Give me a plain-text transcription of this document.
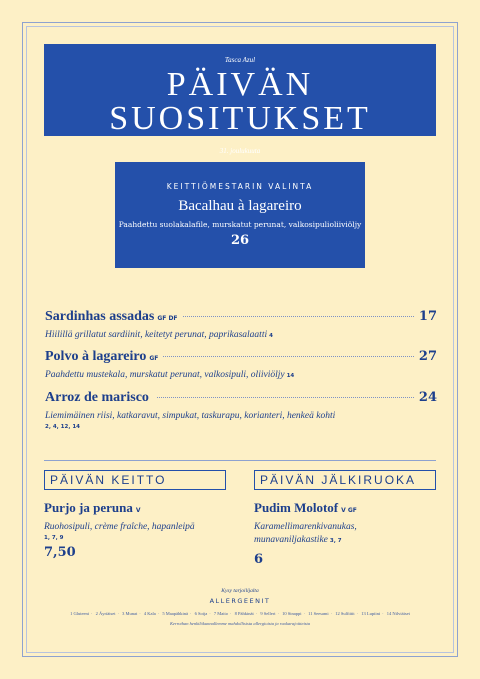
Tasca Azul
PÄIVÄN SUOSITUKSET
31. joulukuuta
KEITTIÖMESTARIN VALINTA
Bacalhau à lagareiro
Paahdettu suolakalafile, murskatut perunat, valkosipulioliiviöljy
26
Sardinhas assadas GF DF	17
Hiilillä grillatut sardiinit, keitetyt perunat, paprikasalaatti 4
Polvo à lagareiro GF	27
Paahdettu mustekala, murskatut perunat, valkosipuli, oliiviöljy 14
Arroz de marisco	24
Liemimäinen riisi, katkaravut, simpukat, taskurapu, korianteri, henkeä kohti
2, 4, 12, 14
PÄIVÄN KEITTO
Purjo ja peruna V
Ruohosipuli, crème fraîche, hapanleipä
1, 7, 9
7,50
PÄIVÄN JÄLKIRUOKA
Pudim Molotof V GF
Karamellimarenkivanukas,
munavaniljakastike 3, 7
6
Kysy tarjoilijalta
ALLERGEENIT
1 Gluteeni · 2 Äyriäiset · 3 Munat · 4 Kala · 5 Maapähkinä · 6 Soija · 7 Maito · 8 Pähkinät · 9 Selleri · 10 Sinappi · 11 Seesami · 12 Sulfiitit · 13 Lupiini · 14 Nilviäiset
Kerrothan henkilökunnallemme mahdollisista allergioista ja ruokarajoitteista
